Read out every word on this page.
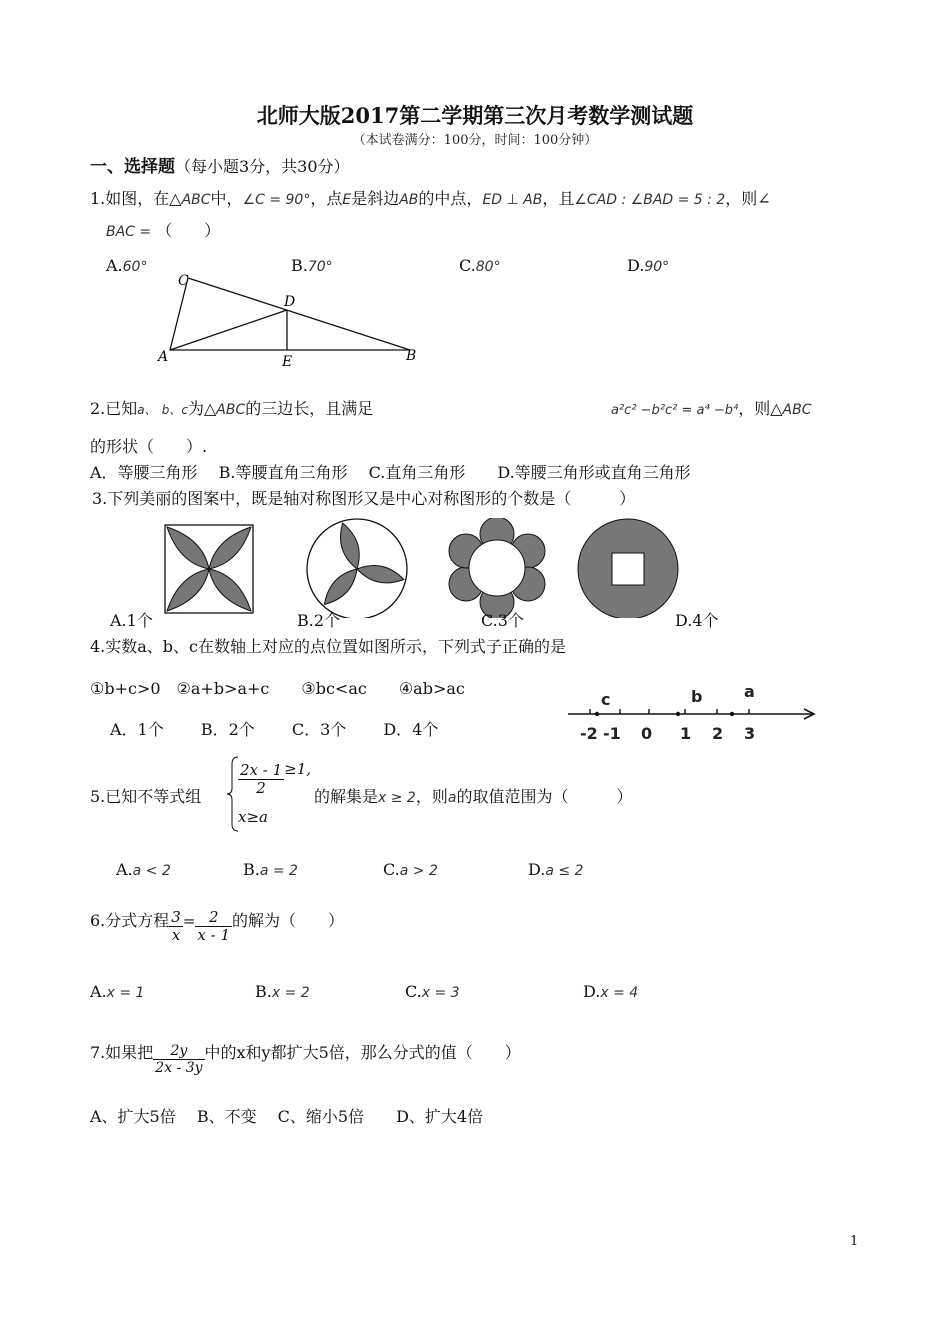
北师大版2017第二学期第三次月考数学测试题
（本试卷满分：100分，时间：100分钟）
一、选择题（每小题3分，共30分）
1.如图，在△ABC中，∠C = 90°，点E是斜边AB的中点，ED ⊥ AB，且∠CAD : ∠BAD = 5 : 2，则∠
BAC = （　　）
A.60°	B.70°	C.80°	D.90°
C
D
A	E	B
2.已知a、 b、c为△ABC的三边长，且满足	a²c² −b²c² = a⁴ −b⁴，则△ABC
的形状（　　）.
A．等腰三角形　 B.等腰直角三角形　 C.直角三角形　　D.等腰三角形或直角三角形
3.下列美丽的图案中，既是轴对称图形又是中心对称图形的个数是（　　　）
A.1个	B.2个	C.3个	D.4个
4.实数a、b、c在数轴上对应的点位置如图所示，下列式子正确的是
①b+c>0　②a+b>a+c　　③bc<ac　　④ab>ac
A．1个　　 B．2个　　 C．3个　　 D．4个
c	b	a
-2 -1 0 1 2 3
5.已知不等式组 $\frac{2x - 1}{2} \ge 1$,
x≥a
的解集是x ≥ 2，则a的取值范围为（　　　）
A.a < 2	B.a = 2	C.a > 2	D.a ≤ 2
6.分式方程 $\frac{3}{x} = \frac{2}{x - 1}$ 的解为（　　）
A.x = 1	B.x = 2	C.x = 3	D.x = 4
7.如果把 $\frac{2y}{2x - 3y}$ 中的x和y都扩大5倍，那么分式的值（　　）
A、扩大5倍　 B、不变　 C、缩小5倍　　D、扩大4倍
1
